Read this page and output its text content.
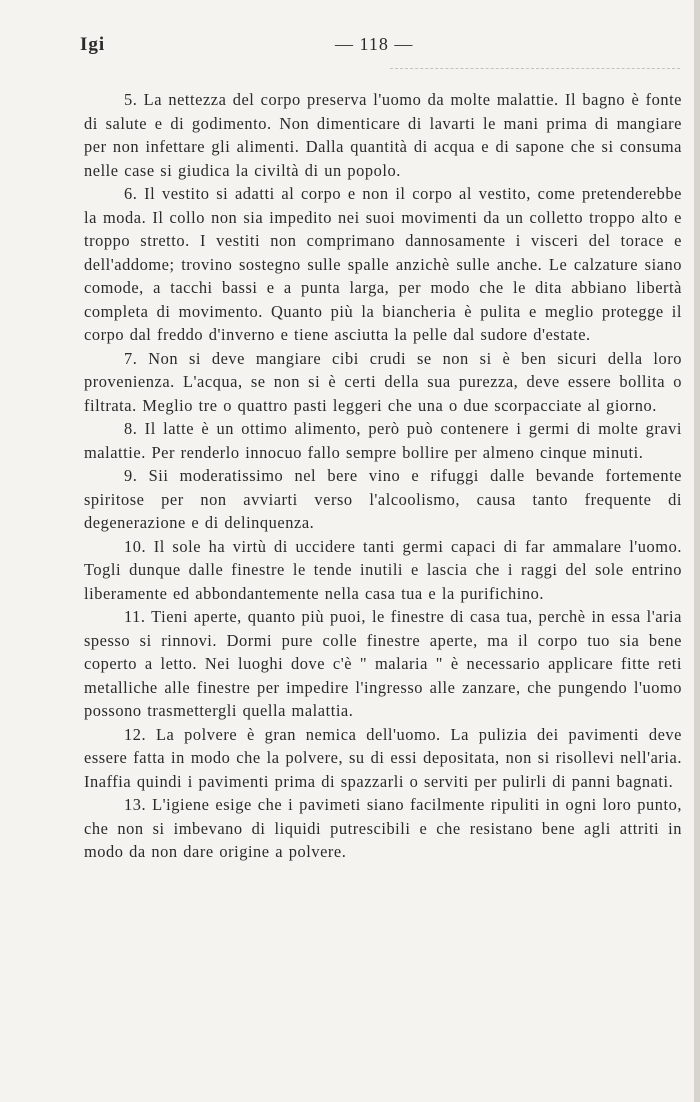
Igi	— 118 —

5. La nettezza del corpo preserva l'uomo da molte malattie. Il bagno è fonte di salute e di godimento. Non dimenticare di lavarti le mani prima di mangiare per non infettare gli alimenti. Dalla quantità di acqua e di sapone che si consuma nelle case si giudica la civiltà di un popolo.

6. Il vestito si adatti al corpo e non il corpo al vestito, come pretenderebbe la moda. Il collo non sia impedito nei suoi movimenti da un colletto troppo alto e troppo stretto. I vestiti non comprimano dannosamente i visceri del torace e dell'addome; trovino sostegno sulle spalle anzichè sulle anche. Le calzature siano comode, a tacchi bassi e a punta larga, per modo che le dita abbiano libertà completa di movimento. Quanto più la biancheria è pulita e meglio protegge il corpo dal freddo d'inverno e tiene asciutta la pelle dal sudore d'estate.

7. Non si deve mangiare cibi crudi se non si è ben sicuri della loro provenienza. L'acqua, se non si è certi della sua purezza, deve essere bollita o filtrata. Meglio tre o quattro pasti leggeri che una o due scorpacciate al giorno.

8. Il latte è un ottimo alimento, però può contenere i germi di molte gravi malattie. Per renderlo innocuo fallo sempre bollire per almeno cinque minuti.

9. Sii moderatissimo nel bere vino e rifuggi dalle bevande fortemente spiritose per non avviarti verso l'alcoolismo, causa tanto frequente di degenerazione e di delinquenza.

10. Il sole ha virtù di uccidere tanti germi capaci di far ammalare l'uomo. Togli dunque dalle finestre le tende inutili e lascia che i raggi del sole entrino liberamente ed abbondantemente nella casa tua e la purifichino.

11. Tieni aperte, quanto più puoi, le finestre di casa tua, perchè in essa l'aria spesso si rinnovi. Dormi pure colle finestre aperte, ma il corpo tuo sia bene coperto a letto. Nei luoghi dove c'è " malaria " è necessario applicare fitte reti metalliche alle finestre per impedire l'ingresso alle zanzare, che pungendo l'uomo possono trasmettergli quella malattia.

12. La polvere è gran nemica dell'uomo. La pulizia dei pavimenti deve essere fatta in modo che la polvere, su di essi depositata, non si risollevi nell'aria. Inaffia quindi i pavimenti prima di spazzarli o serviti per pulirli di panni bagnati.

13. L'igiene esige che i pavimeti siano facilmente ripuliti in ogni loro punto, che non si imbevano di liquidi putrescibili e che resistano bene agli attriti in modo da non dare origine a polvere.
